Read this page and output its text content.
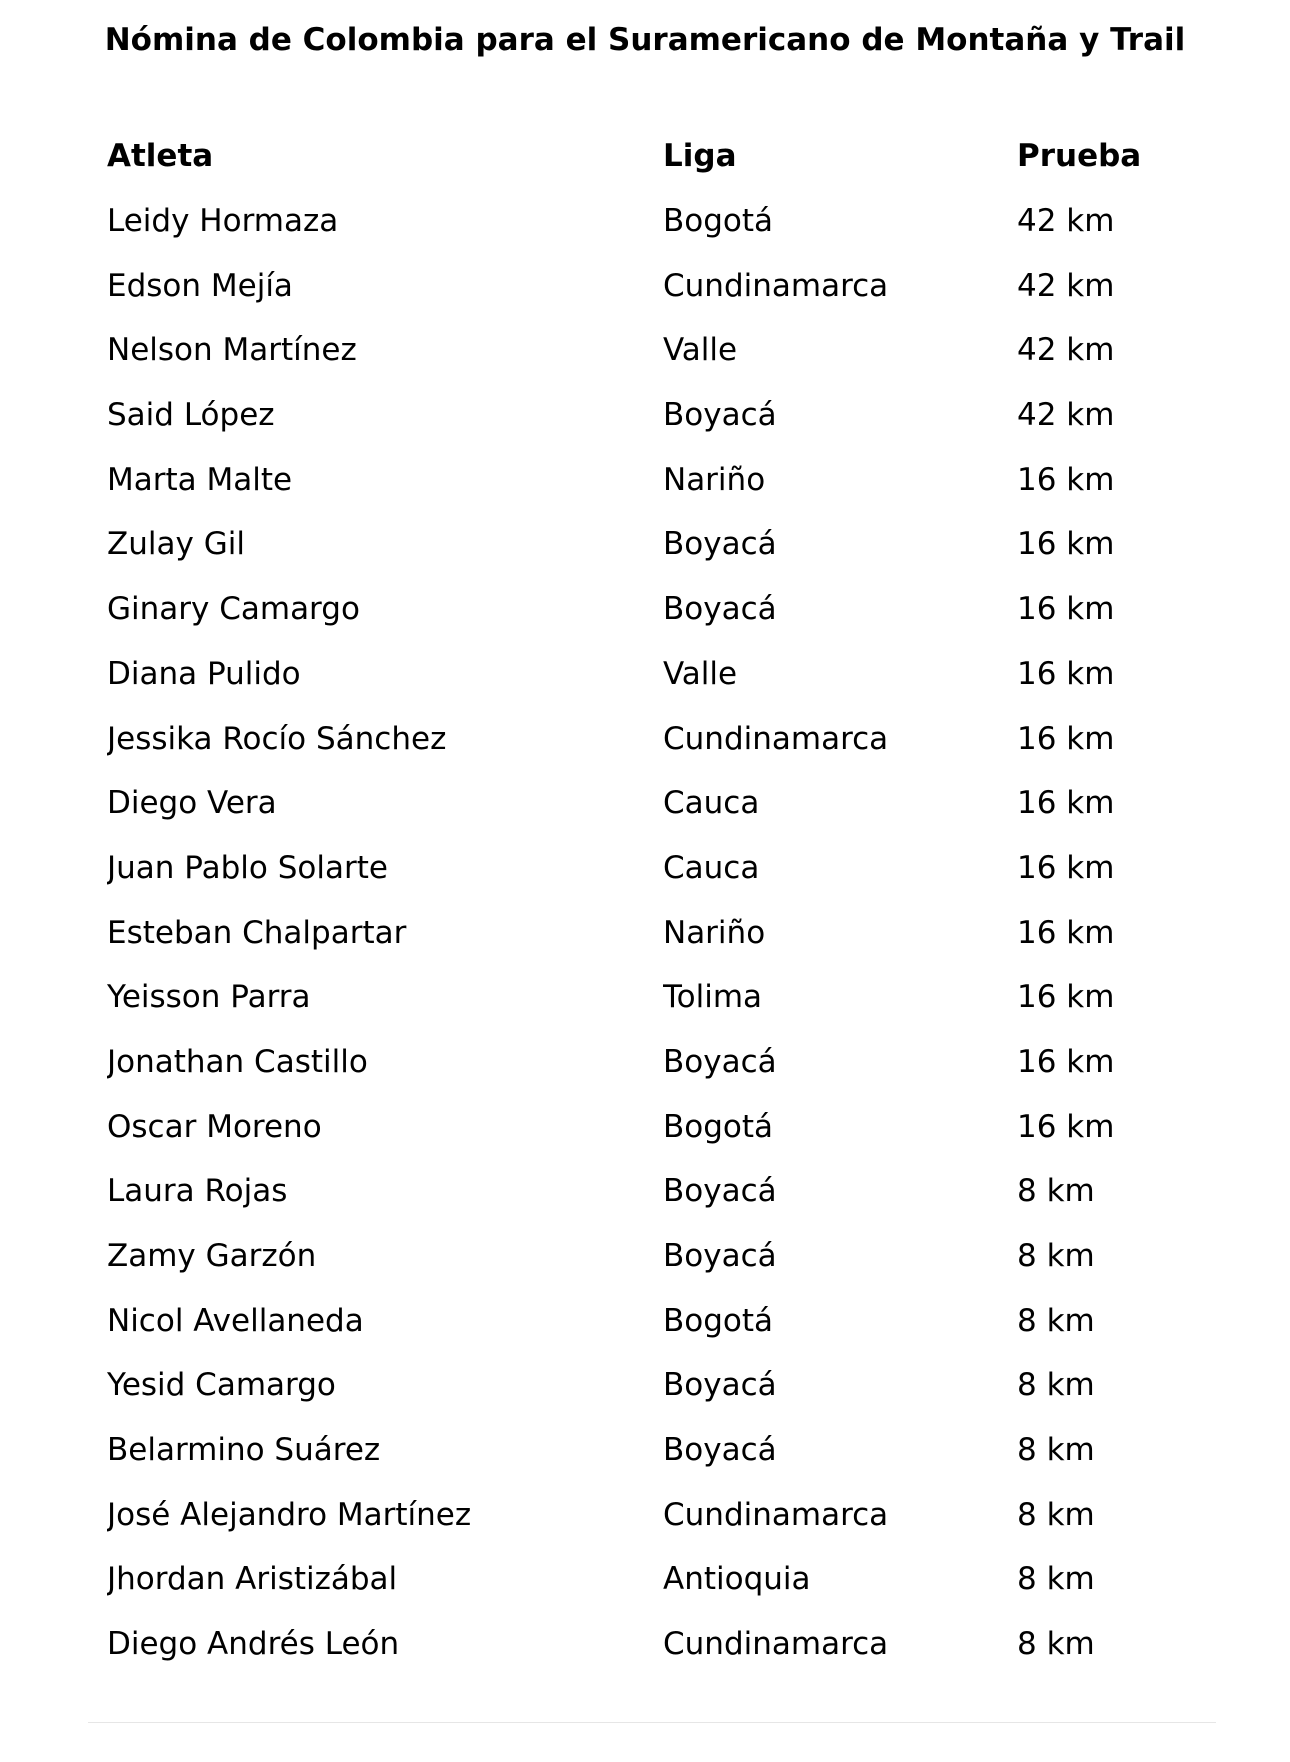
Nómina de Colombia para el Suramericano de Montaña y Trail
Atleta	Liga	Prueba
Leidy Hormaza	Bogotá	42 km
Edson Mejía	Cundinamarca	42 km
Nelson Martínez	Valle	42 km
Said López	Boyacá	42 km
Marta Malte	Nariño	16 km
Zulay Gil	Boyacá	16 km
Ginary Camargo	Boyacá	16 km
Diana Pulido	Valle	16 km
Jessika Rocío Sánchez	Cundinamarca	16 km
Diego Vera	Cauca	16 km
Juan Pablo Solarte	Cauca	16 km
Esteban Chalpartar	Nariño	16 km
Yeisson Parra	Tolima	16 km
Jonathan Castillo	Boyacá	16 km
Oscar Moreno	Bogotá	16 km
Laura Rojas	Boyacá	8 km
Zamy Garzón	Boyacá	8 km
Nicol Avellaneda	Bogotá	8 km
Yesid Camargo	Boyacá	8 km
Belarmino Suárez	Boyacá	8 km
José Alejandro Martínez	Cundinamarca	8 km
Jhordan Aristizábal	Antioquia	8 km
Diego Andrés León	Cundinamarca	8 km
